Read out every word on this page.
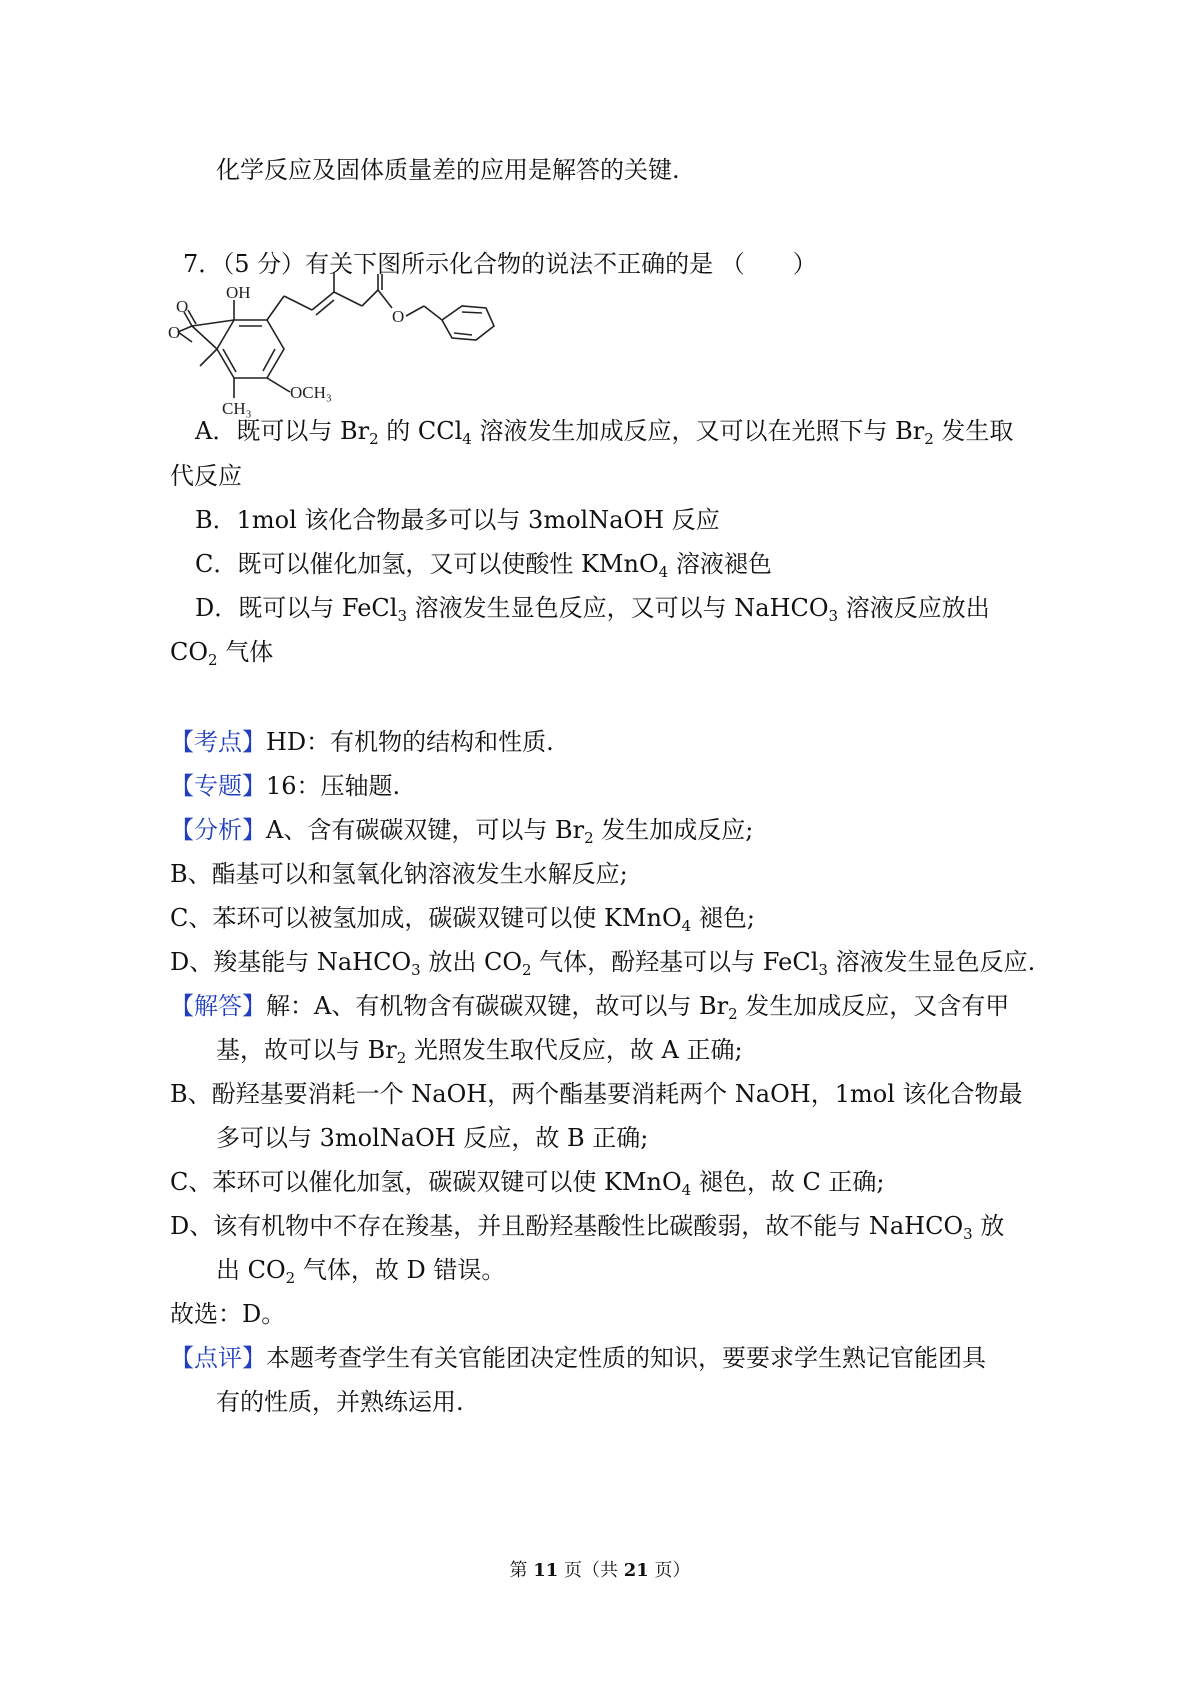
化学反应及固体质量差的应用是解答的关键.
7．（5 分）有关下图所示化合物的说法不正确的是 （　　）
OH
O
O
O
OCH₃
CH₃
A．既可以与 $Br_2$ 的 CCl$_4$ 溶液发生加成反应，又可以在光照下与 $Br_2$ 发生取
代反应
B．1mol 该化合物最多可以与 3molNaOH 反应
C．既可以催化加氢，又可以使酸性 KMnO$_4$ 溶液褪色
D．既可以与 FeCl$_3$ 溶液发生显色反应，又可以与 NaHCO$_3$ 溶液反应放出
$CO_2$ 气体
【考点】HD：有机物的结构和性质.
【专题】16：压轴题.
【分析】A、含有碳碳双键，可以与 $Br_2$ 发生加成反应;
B、酯基可以和氢氧化钠溶液发生水解反应;
C、苯环可以被氢加成，碳碳双键可以使 KMnO$_4$ 褪色;
D、羧基能与 NaHCO$_3$ 放出 $CO_2$ 气体，酚羟基可以与 FeCl$_3$ 溶液发生显色反应.
【解答】解：A、有机物含有碳碳双键，故可以与 $Br_2$ 发生加成反应，又含有甲
基，故可以与 $Br_2$ 光照发生取代反应，故 A 正确;
B、酚羟基要消耗一个 NaOH，两个酯基要消耗两个 NaOH，1mol 该化合物最
多可以与 3molNaOH 反应，故 B 正确;
C、苯环可以催化加氢，碳碳双键可以使 KMnO$_4$ 褪色，故 C 正确;
D、该有机物中不存在羧基，并且酚羟基酸性比碳酸弱，故不能与 NaHCO$_3$ 放
出 $CO_2$ 气体，故 D 错误。
故选：D。
【点评】本题考查学生有关官能团决定性质的知识，要要求学生熟记官能团具
有的性质，并熟练运用.
第 11 页（共 21 页）
